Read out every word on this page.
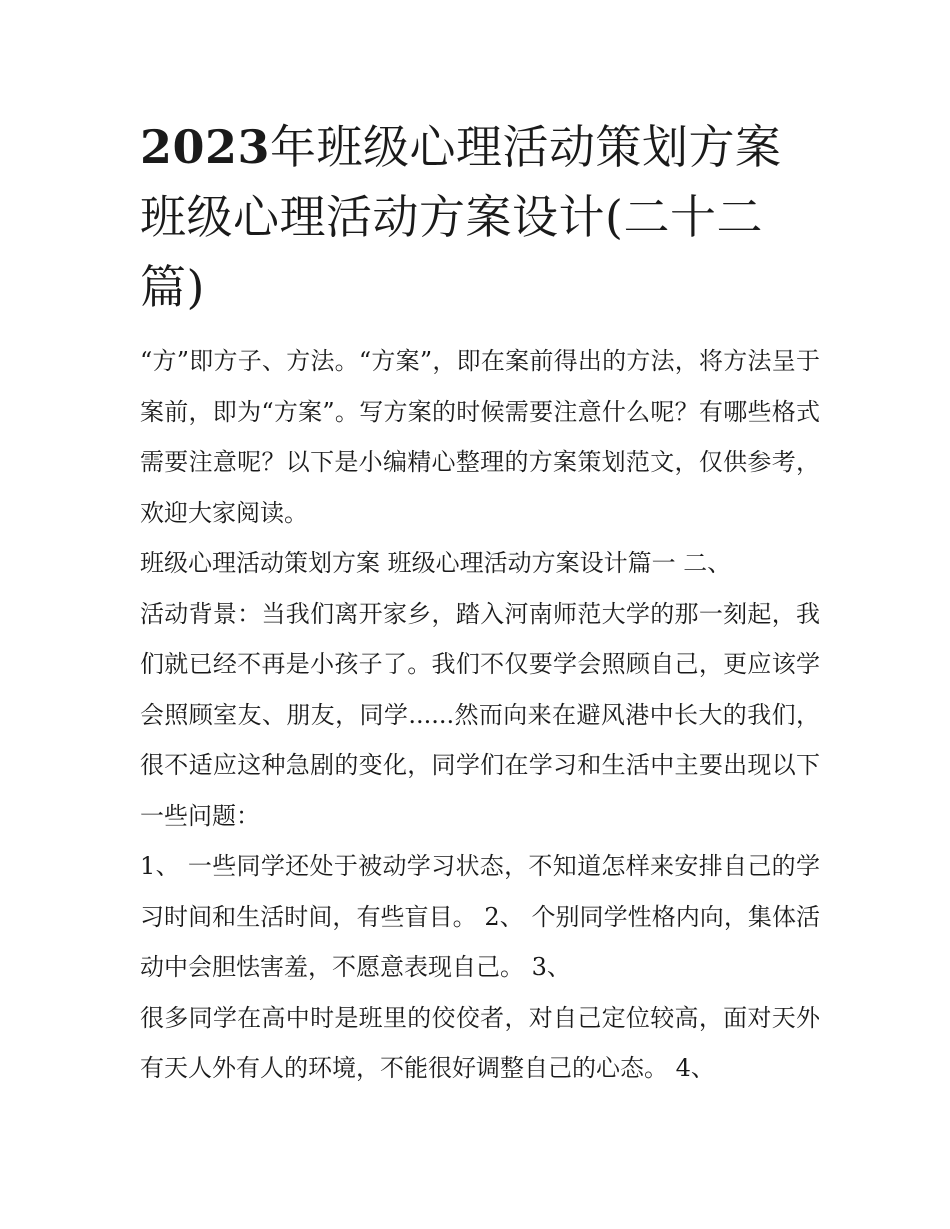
2023年班级心理活动策划方案 班级心理活动方案设计(二十二篇)

“方”即方子、方法。“方案”，即在案前得出的方法，将方法呈于案前，即为“方案”。写方案的时候需要注意什么呢？有哪些格式需要注意呢？以下是小编精心整理的方案策划范文，仅供参考，欢迎大家阅读。

班级心理活动策划方案 班级心理活动方案设计篇一 二、

活动背景：当我们离开家乡，踏入河南师范大学的那一刻起，我们就已经不再是小孩子了。我们不仅要学会照顾自己，更应该学会照顾室友、朋友，同学......然而向来在避风港中长大的我们，很不适应这种急剧的变化，同学们在学习和生活中主要出现以下一些问题：

1、 一些同学还处于被动学习状态，不知道怎样来安排自己的学习时间和生活时间，有些盲目。 2、 个别同学性格内向，集体活动中会胆怯害羞，不愿意表现自己。 3、

很多同学在高中时是班里的佼佼者，对自己定位较高，面对天外有天人外有人的环境，不能很好调整自己的心态。 4、
